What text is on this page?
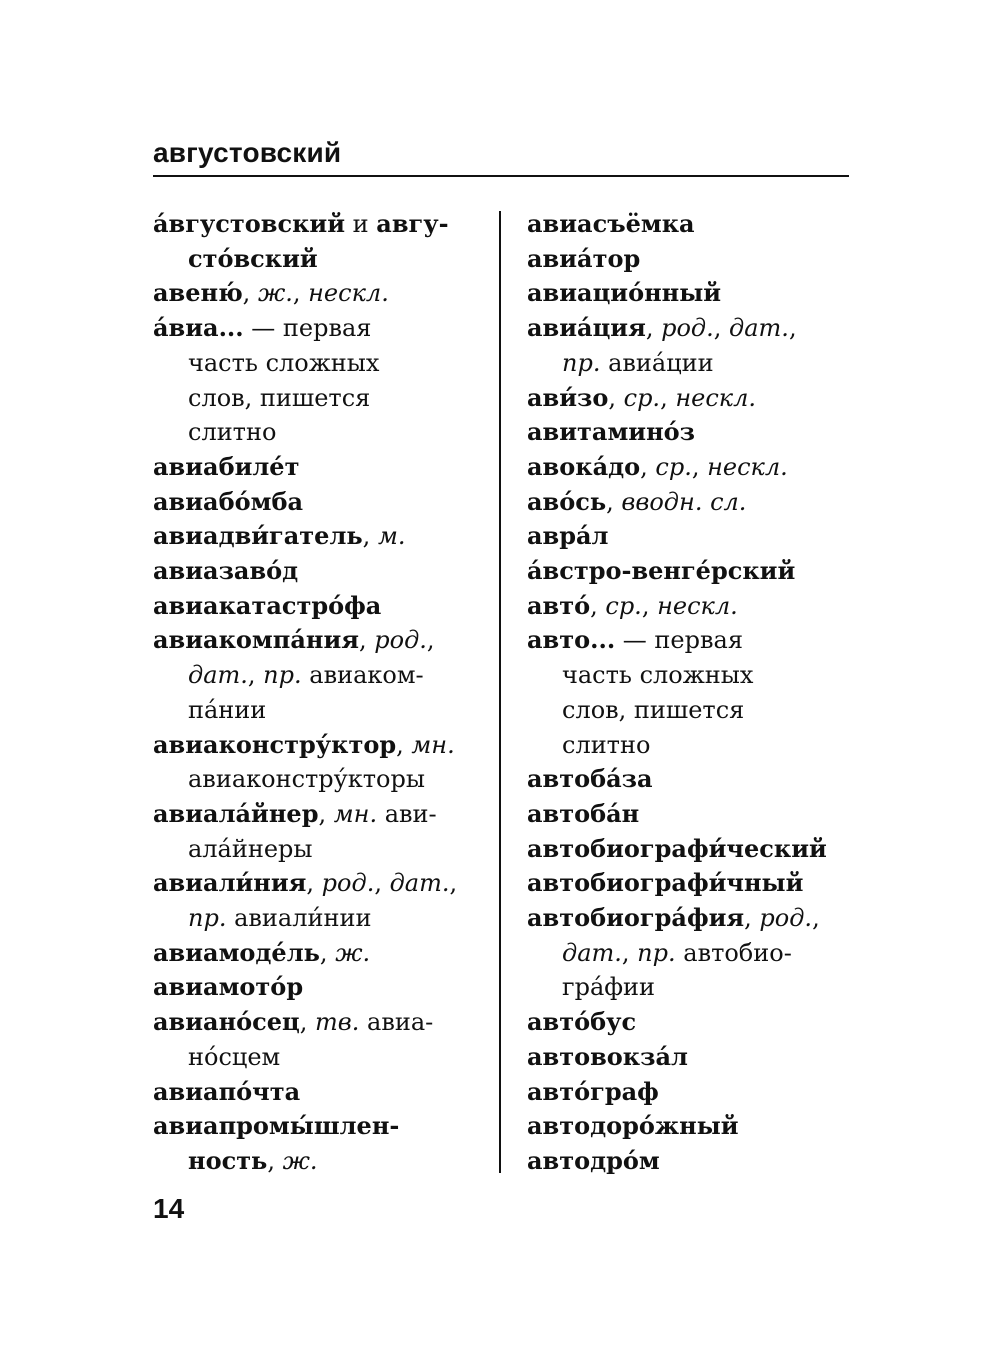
августовский
а́вгустовский и авгу-
сто́вский
авеню́, ж., нескл.
а́виа... — первая
часть сложных
слов, пишется
слитно
авиабиле́т
авиабо́мба
авиадви́гатель, м.
авиазаво́д
авиакатастро́фа
авиакомпа́ния, род.,
дат., пр. авиаком-
па́нии
авиаконстру́ктор, мн.
авиаконстру́кторы
авиала́йнер, мн. ави-
ала́йнеры
авиали́ния, род., дат.,
пр. авиали́нии
авиамоде́ль, ж.
авиамото́р
авиано́сец, тв. авиа-
но́сцем
авиапо́чта
авиапромы́шлен-
ность, ж.
авиасъёмка
авиа́тор
авиацио́нный
авиа́ция, род., дат.,
пр. авиа́ции
ави́зо, ср., нескл.
авитамино́з
авока́до, ср., нескл.
аво́сь, вводн. сл.
авра́л
а́встро-венге́рский
авто́, ср., нескл.
авто... — первая
часть сложных
слов, пишется
слитно
автоба́за
автоба́н
автобиографи́ческий
автобиографи́чный
автобиогра́фия, род.,
дат., пр. автобио-
гра́фии
авто́бус
автовокза́л
авто́граф
автодоро́жный
автодро́м
14
